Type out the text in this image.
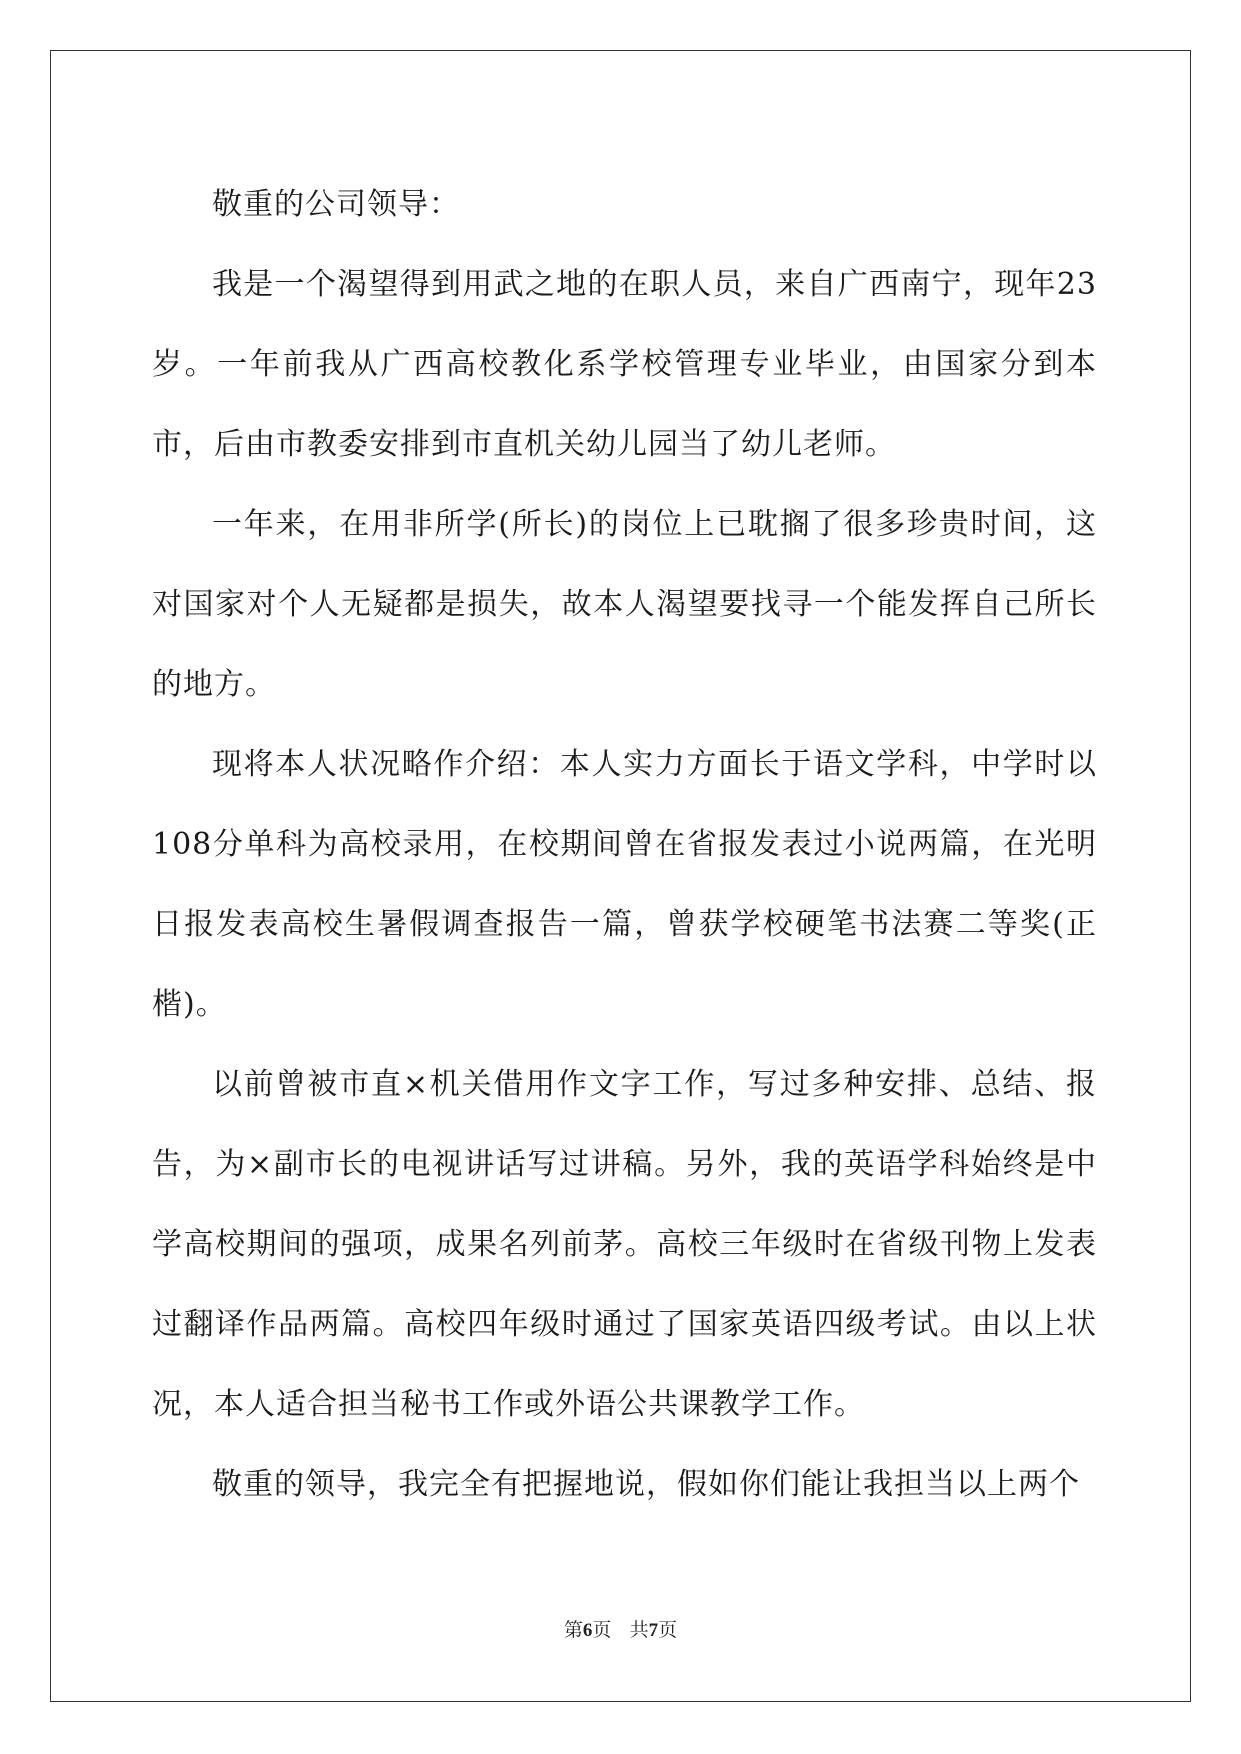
敬重的公司领导：

我是一个渴望得到用武之地的在职人员，来自广西南宁，现年23岁。一年前我从广西高校教化系学校管理专业毕业，由国家分到本市，后由市教委安排到市直机关幼儿园当了幼儿老师。

一年来，在用非所学(所长)的岗位上已耽搁了很多珍贵时间，这对国家对个人无疑都是损失，故本人渴望要找寻一个能发挥自己所长的地方。

现将本人状况略作介绍：本人实力方面长于语文学科，中学时以108分单科为高校录用，在校期间曾在省报发表过小说两篇，在光明日报发表高校生暑假调查报告一篇，曾获学校硬笔书法赛二等奖(正楷)。

以前曾被市直×机关借用作文字工作，写过多种安排、总结、报告，为×副市长的电视讲话写过讲稿。另外，我的英语学科始终是中学高校期间的强项，成果名列前茅。高校三年级时在省级刊物上发表过翻译作品两篇。高校四年级时通过了国家英语四级考试。由以上状况，本人适合担当秘书工作或外语公共课教学工作。

敬重的领导，我完全有把握地说，假如你们能让我担当以上两个

第6页 共7页
